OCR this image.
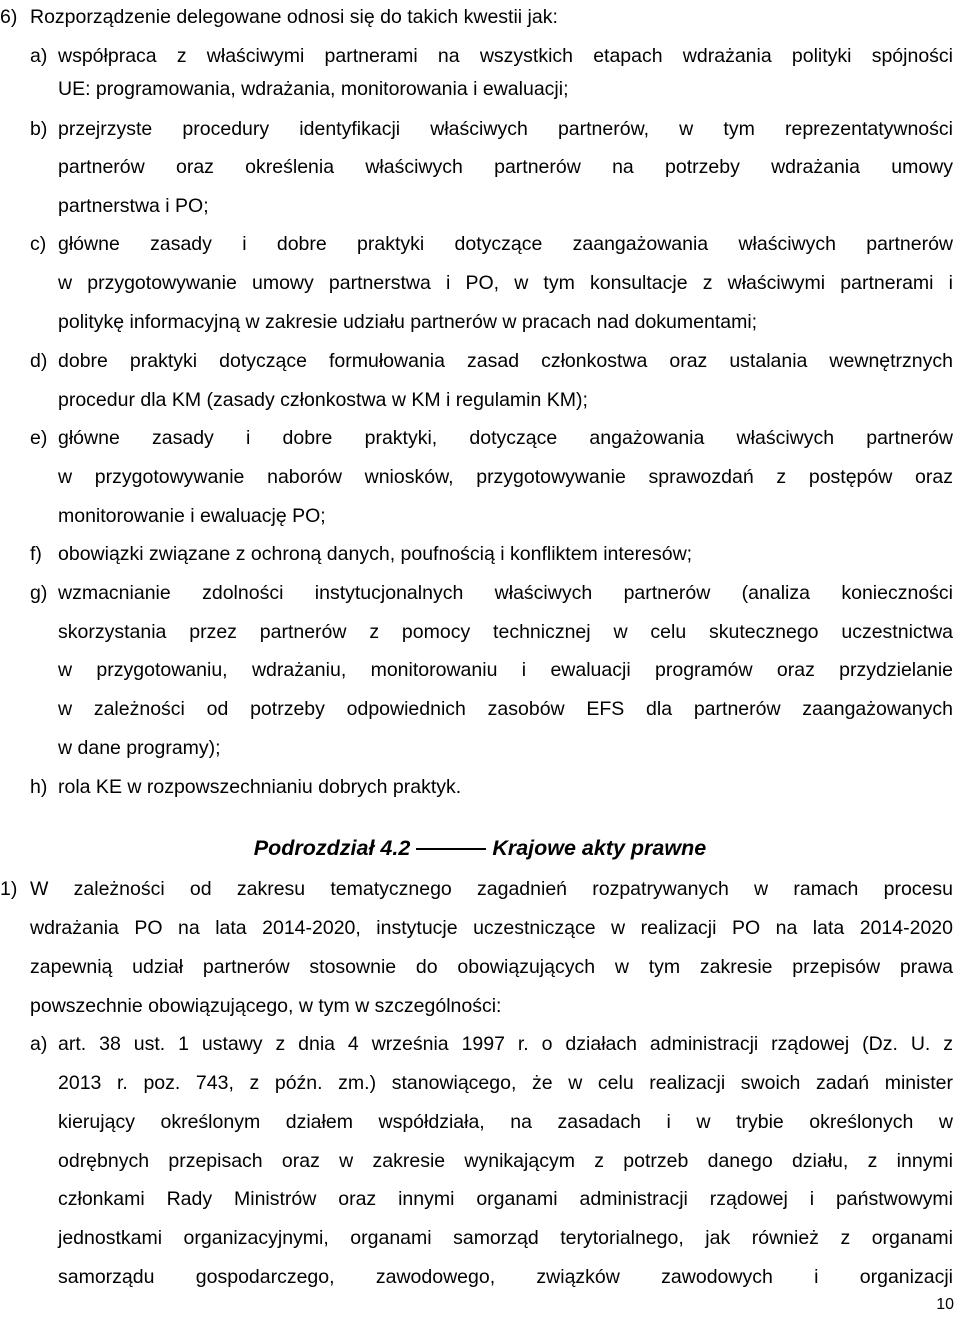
6) Rozporządzenie delegowane odnosi się do takich kwestii jak:
a) współpraca z właściwymi partnerami na wszystkich etapach wdrażania polityki spójności
UE: programowania, wdrażania, monitorowania i ewaluacji;
b) przejrzyste procedury identyfikacji właściwych partnerów, w tym reprezentatywności
partnerów oraz określenia właściwych partnerów na potrzeby wdrażania umowy
partnerstwa i PO;
c) główne zasady i dobre praktyki dotyczące zaangażowania właściwych partnerów
w przygotowywanie umowy partnerstwa i PO, w tym konsultacje z właściwymi partnerami i
politykę informacyjną w zakresie udziału partnerów w pracach nad dokumentami;
d) dobre praktyki dotyczące formułowania zasad członkostwa oraz ustalania wewnętrznych
procedur dla KM (zasady członkostwa w KM i regulamin KM);
e) główne zasady i dobre praktyki, dotyczące angażowania właściwych partnerów
w przygotowywanie naborów wniosków, przygotowywanie sprawozdań z postępów oraz
monitorowanie i ewaluację PO;
f) obowiązki związane z ochroną danych, poufnością i konfliktem interesów;
g) wzmacnianie zdolności instytucjonalnych właściwych partnerów (analiza konieczności
skorzystania przez partnerów z pomocy technicznej w celu skutecznego uczestnictwa
w przygotowaniu, wdrażaniu, monitorowaniu i ewaluacji programów oraz przydzielanie
w zależności od potrzeby odpowiednich zasobów EFS dla partnerów zaangażowanych
w dane programy);
h) rola KE w rozpowszechnianiu dobrych praktyk.
Podrozdział 4.2	Krajowe akty prawne
1) W zależności od zakresu tematycznego zagadnień rozpatrywanych w ramach procesu
wdrażania PO na lata 2014-2020, instytucje uczestniczące w realizacji PO na lata 2014-2020
zapewnią udział partnerów stosownie do obowiązujących w tym zakresie przepisów prawa
powszechnie obowiązującego, w tym w szczególności:
a) art. 38 ust. 1 ustawy z dnia 4 września 1997 r. o działach administracji rządowej (Dz. U. z
2013 r. poz. 743, z późn. zm.) stanowiącego, że w celu realizacji swoich zadań minister
kierujący określonym działem współdziała, na zasadach i w trybie określonych w
odrębnych przepisach oraz w zakresie wynikającym z potrzeb danego działu, z innymi
członkami Rady Ministrów oraz innymi organami administracji rządowej i państwowymi
jednostkami organizacyjnymi, organami samorząd terytorialnego, jak również z organami
samorządu gospodarczego, zawodowego, związków zawodowych i organizacji
10
